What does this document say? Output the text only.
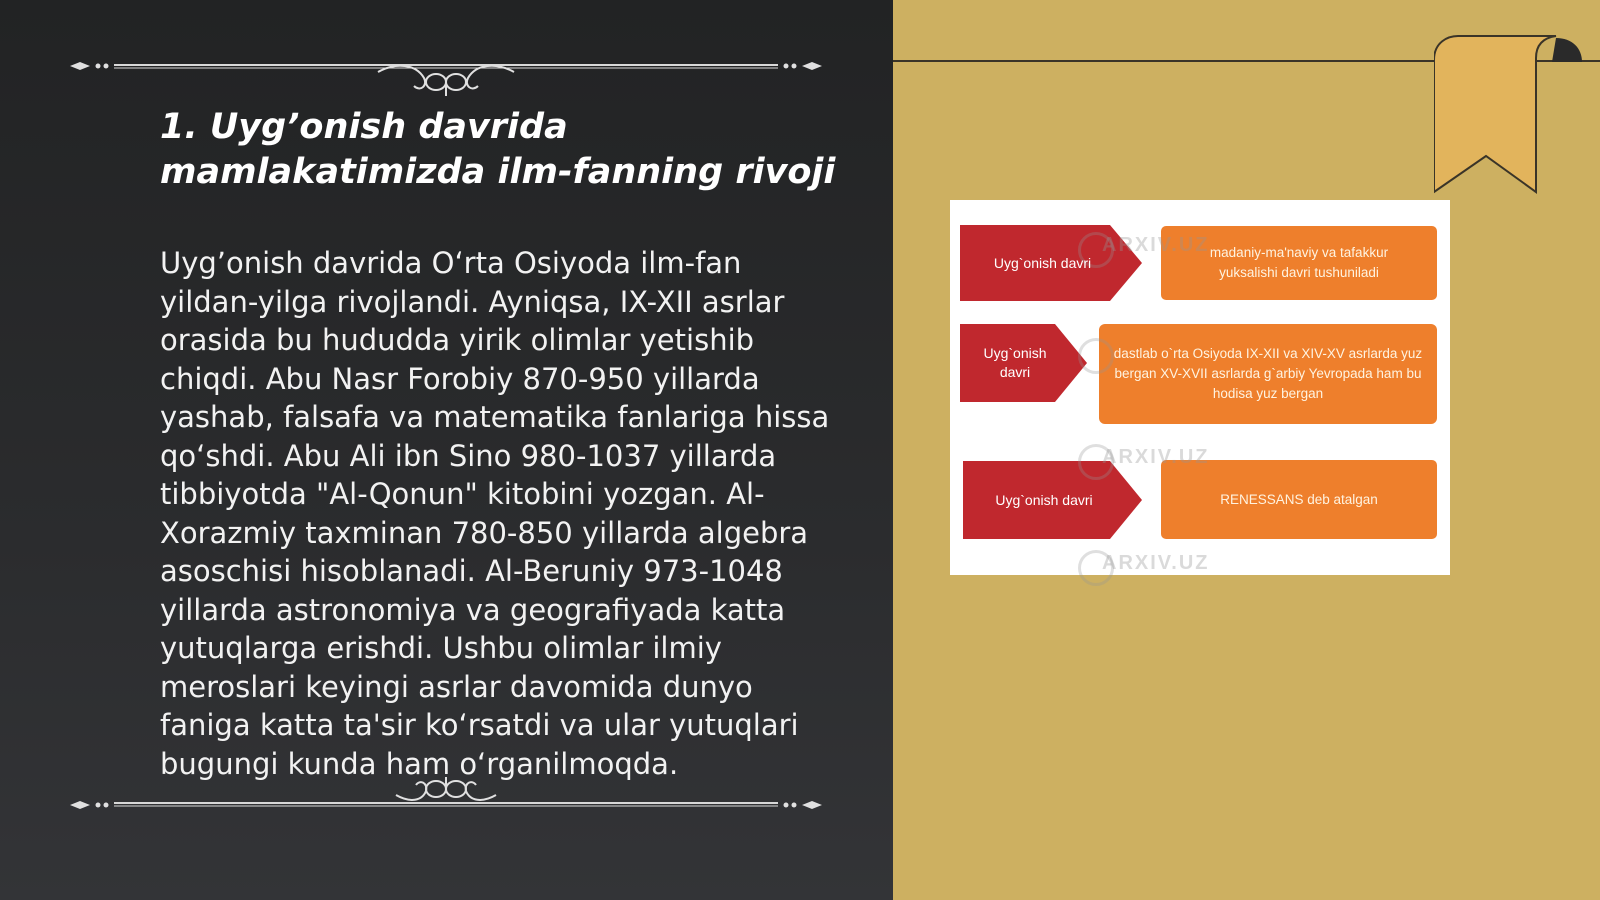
1. Uyg’onish davrida mamlakatimizda ilm-fanning rivoji

Uyg’onish davrida O‘rta Osiyoda ilm-fan yildan-yilga rivojlandi. Ayniqsa, IX-XII asrlar orasida bu hududda yirik olimlar yetishib chiqdi. Abu Nasr Forobiy 870-950 yillarda yashab, falsafa va matematika fanlariga hissa qo‘shdi. Abu Ali ibn Sino 980-1037 yillarda tibbiyotda "Al-Qonun" kitobini yozgan. Al-Xorazmiy taxminan 780-850 yillarda algebra asoschisi hisoblanadi. Al-Beruniy 973-1048 yillarda astronomiya va geografiyada katta yutuqlarga erishdi. Ushbu olimlar ilmiy meroslari keyingi asrlar davomida dunyo faniga katta ta'sir ko‘rsatdi va ular yutuqlari bugungi kunda ham o‘rganilmoqda.

ARXIV.UZ
ARXIV.UZ
ARXIV.UZ
Uyg`onish davri
madaniy-ma'naviy va tafakkur yuksalishi davri tushuniladi
Uyg`onish davri
dastlab o`rta Osiyoda IX-XII va XIV-XV asrlarda yuz bergan XV-XVII asrlarda g`arbiy Yevropada ham bu hodisa yuz bergan
Uyg`onish davri	RENESSANS deb atalgan
